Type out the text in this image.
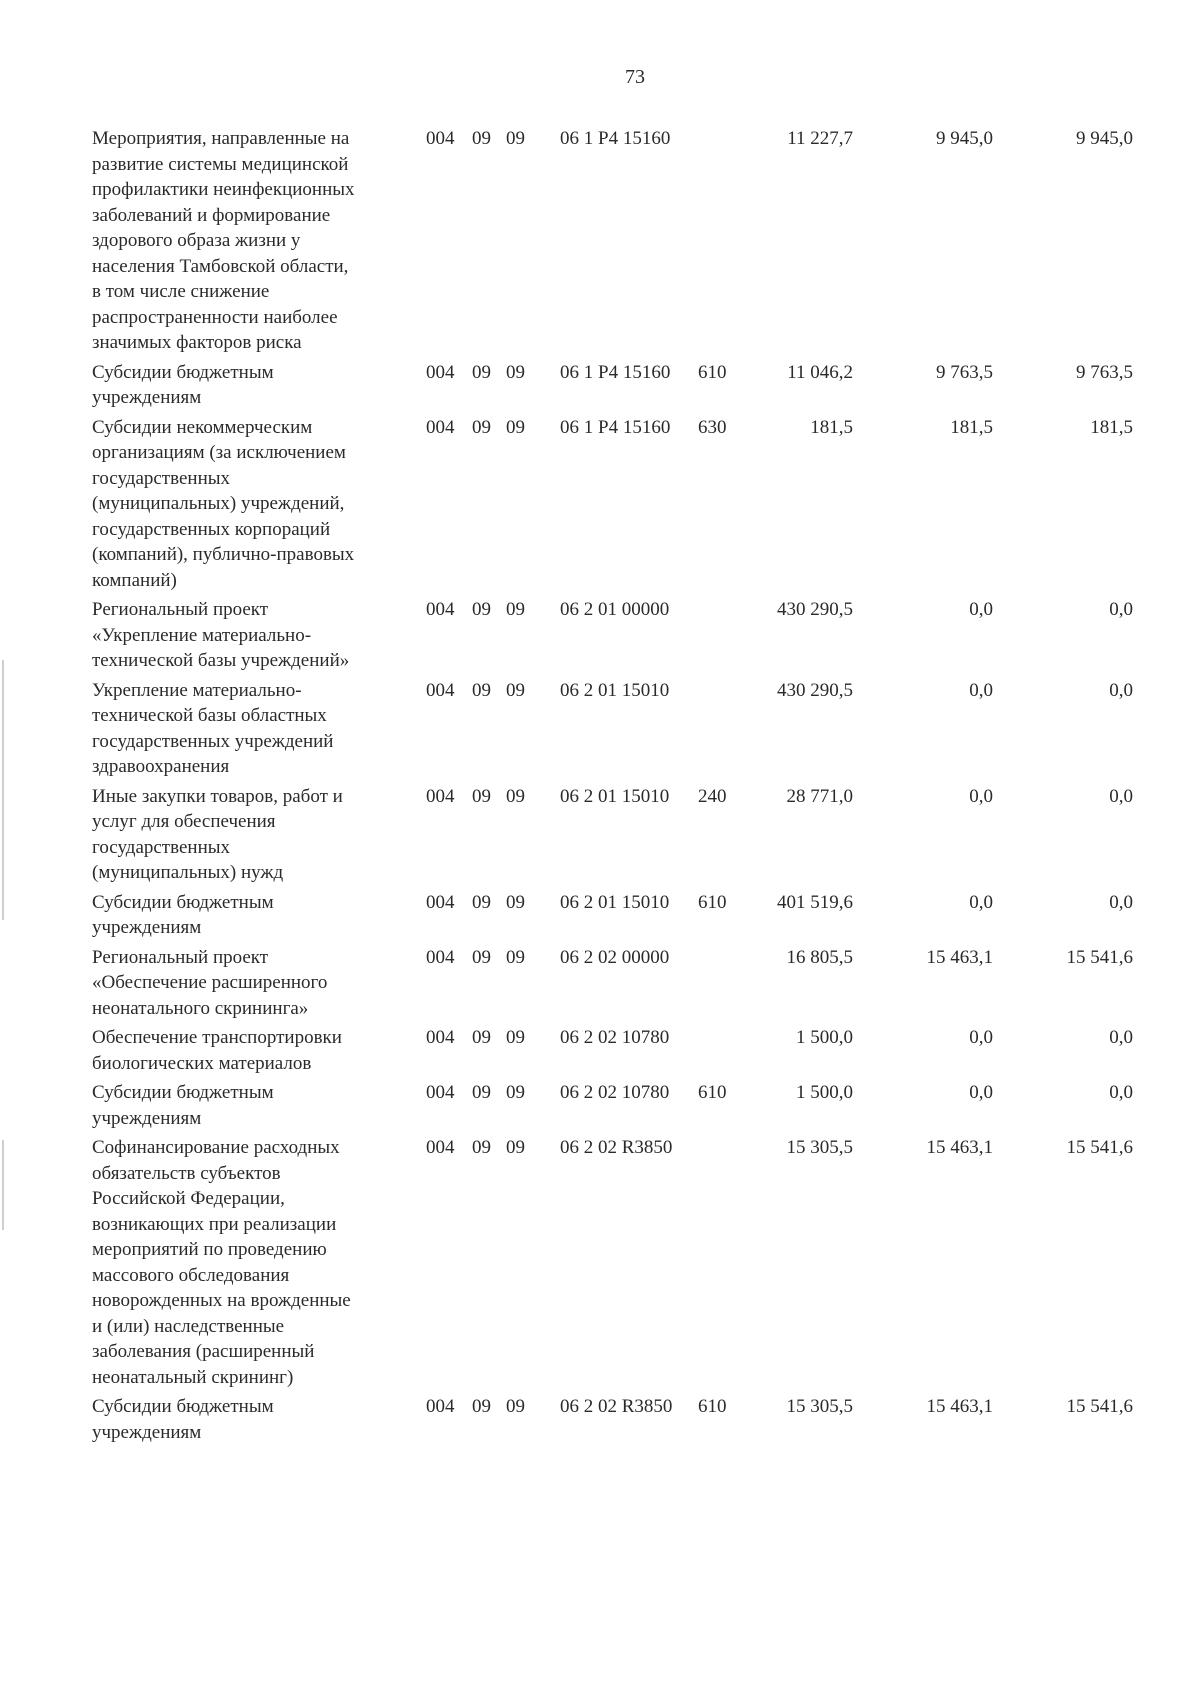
73
Мероприятия, направленные на
развитие системы медицинской
профилактики неинфекционных
заболеваний и формирование
здорового образа жизни у
населения Тамбовской области,
в том числе снижение
распространенности наиболее
значимых факторов риска
004 09 09	06 1 Р4 15160	11 227,7	9 945,0	9 945,0
Субсидии бюджетным
учреждениям
004 09 09	06 1 Р4 15160	610	11 046,2	9 763,5	9 763,5
Субсидии некоммерческим
организациям (за исключением
государственных
(муниципальных) учреждений,
государственных корпораций
(компаний), публично-правовых
компаний)
004 09 09	06 1 Р4 15160	630	181,5	181,5	181,5
Региональный проект
«Укрепление материально-
технической базы учреждений»
004 09 09	06 2 01 00000	430 290,5	0,0	0,0
Укрепление материально-
технической базы областных
государственных учреждений
здравоохранения
004 09 09	06 2 01 15010	430 290,5	0,0	0,0
Иные закупки товаров, работ и
услуг для обеспечения
государственных
(муниципальных) нужд
004 09 09	06 2 01 15010	240	28 771,0	0,0	0,0
Субсидии бюджетным
учреждениям
004 09 09	06 2 01 15010	610	401 519,6	0,0	0,0
Региональный проект
«Обеспечение расширенного
неонатального скрининга»
004 09 09	06 2 02 00000	16 805,5	15 463,1	15 541,6
Обеспечение транспортировки
биологических материалов
004 09 09	06 2 02 10780	1 500,0	0,0	0,0
Субсидии бюджетным
учреждениям
004 09 09	06 2 02 10780	610	1 500,0	0,0	0,0
Софинансирование расходных
обязательств субъектов
Российской Федерации,
возникающих при реализации
мероприятий по проведению
массового обследования
новорожденных на врожденные
и (или) наследственные
заболевания (расширенный
неонатальный скрининг)
004 09 09	06 2 02 R3850	15 305,5	15 463,1	15 541,6
Субсидии бюджетным
учреждениям
004 09 09	06 2 02 R3850	610	15 305,5	15 463,1	15 541,6
